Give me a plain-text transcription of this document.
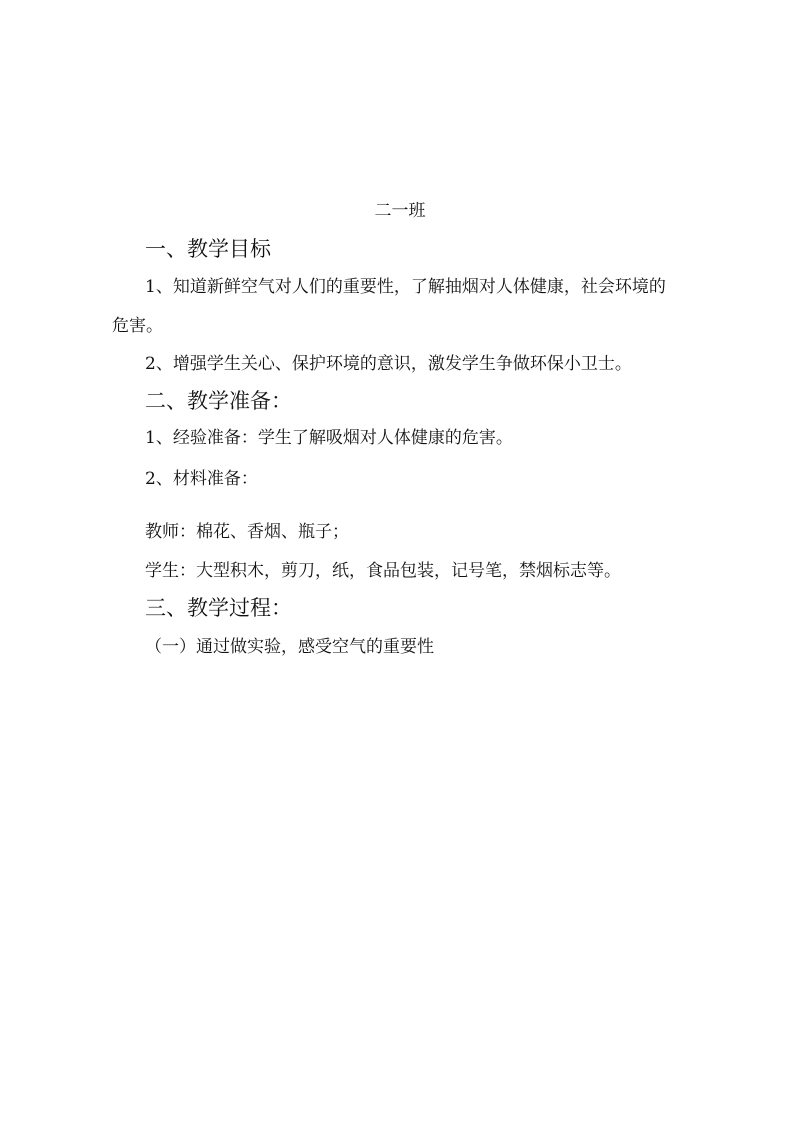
二一班

一、教学目标

1、知道新鲜空气对人们的重要性，了解抽烟对人体健康，社会环境的

危害。

2、增强学生关心、保护环境的意识，激发学生争做环保小卫士。

二、教学准备：

1、经验准备：学生了解吸烟对人体健康的危害。

2、材料准备：

教师：棉花、香烟、瓶子；

学生：大型积木，剪刀，纸，食品包装，记号笔，禁烟标志等。

三、教学过程：

（一）通过做实验，感受空气的重要性
